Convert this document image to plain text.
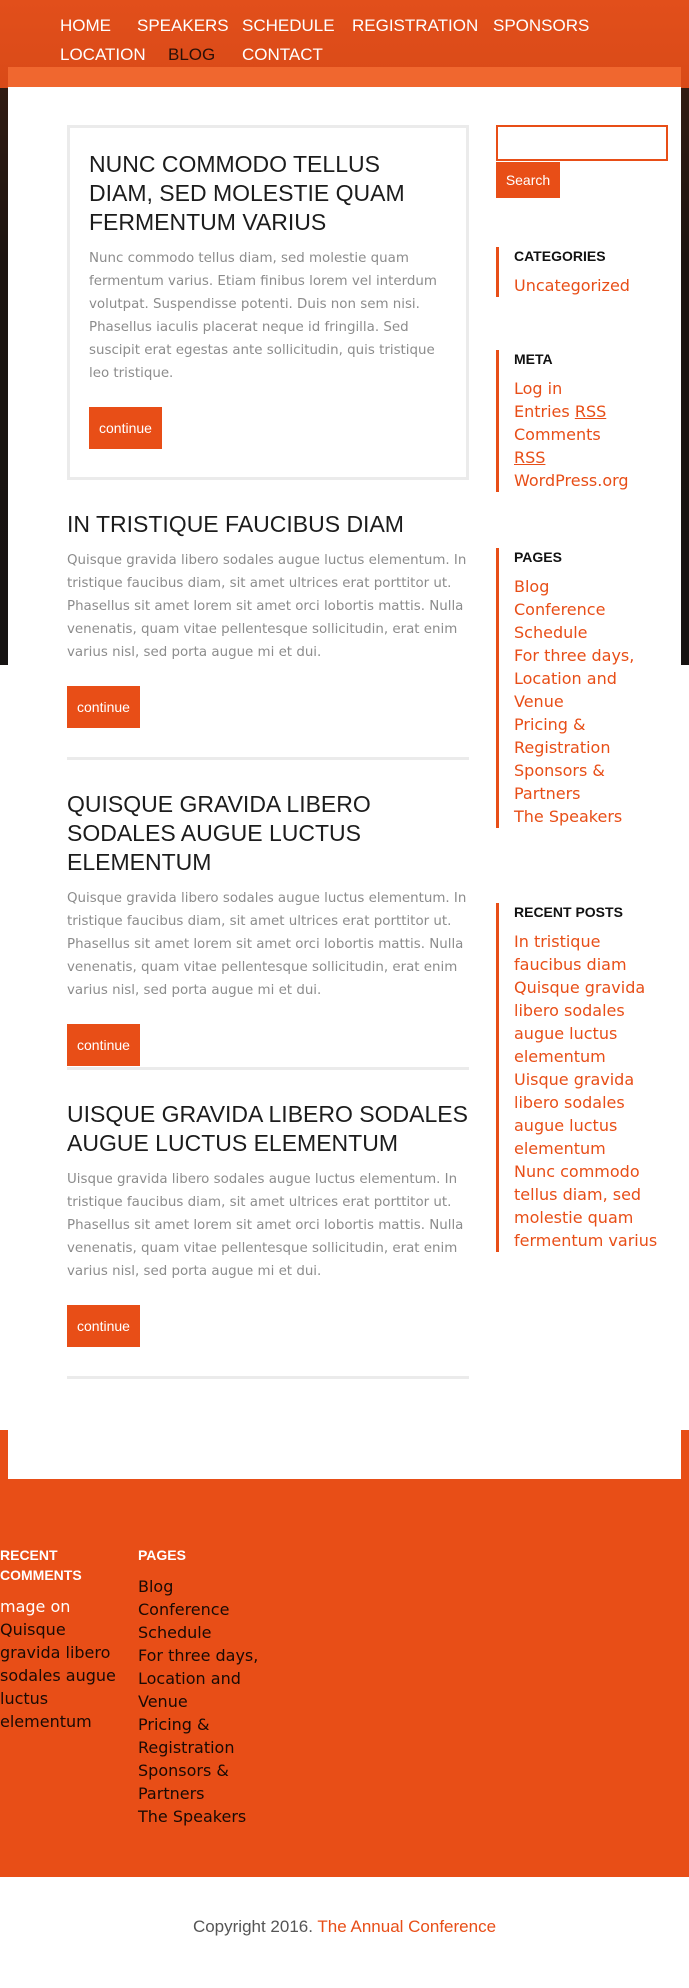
HOME SPEAKERS SCHEDULE REGISTRATION SPONSORS
LOCATION BLOG CONTACT
NUNC COMMODO TELLUS DIAM, SED MOLESTIE QUAM FERMENTUM VARIUS

Nunc commodo tellus diam, sed molestie quam fermentum varius. Etiam finibus lorem vel interdum volutpat. Suspendisse potenti. Duis non sem nisi. Phasellus iaculis placerat neque id fringilla. Sed suscipit erat egestas ante sollicitudin, quis tristique leo tristique.

continue
IN TRISTIQUE FAUCIBUS DIAM

Quisque gravida libero sodales augue luctus elementum. In tristique faucibus diam, sit amet ultrices erat porttitor ut. Phasellus sit amet lorem sit amet orci lobortis mattis. Nulla venenatis, quam vitae pellentesque sollicitudin, erat enim varius nisl, sed porta augue mi et dui.

continue
QUISQUE GRAVIDA LIBERO SODALES AUGUE LUCTUS ELEMENTUM

Quisque gravida libero sodales augue luctus elementum. In tristique faucibus diam, sit amet ultrices erat porttitor ut. Phasellus sit amet lorem sit amet orci lobortis mattis. Nulla venenatis, quam vitae pellentesque sollicitudin, erat enim varius nisl, sed porta augue mi et dui.

continue
UISQUE GRAVIDA LIBERO SODALES AUGUE LUCTUS ELEMENTUM

Uisque gravida libero sodales augue luctus elementum. In tristique faucibus diam, sit amet ultrices erat porttitor ut. Phasellus sit amet lorem sit amet orci lobortis mattis. Nulla venenatis, quam vitae pellentesque sollicitudin, erat enim varius nisl, sed porta augue mi et dui.

continue
Search
CATEGORIES
Uncategorized
META
Log in
Entries RSS
Comments
RSS
WordPress.org
PAGES
Blog
Conference Schedule
For three days, Location and Venue
Pricing & Registration
Sponsors & Partners
The Speakers
RECENT POSTS
In tristique faucibus diam
Quisque gravida libero sodales augue luctus elementum
Uisque gravida libero sodales augue luctus elementum
Nunc commodo tellus diam, sed molestie quam fermentum varius
RECENT COMMENTS
mage on Quisque gravida libero sodales augue luctus elementum
PAGES
Blog
Conference Schedule
For three days, Location and Venue
Pricing & Registration
Sponsors & Partners
The Speakers
Copyright 2016. The Annual Conference
